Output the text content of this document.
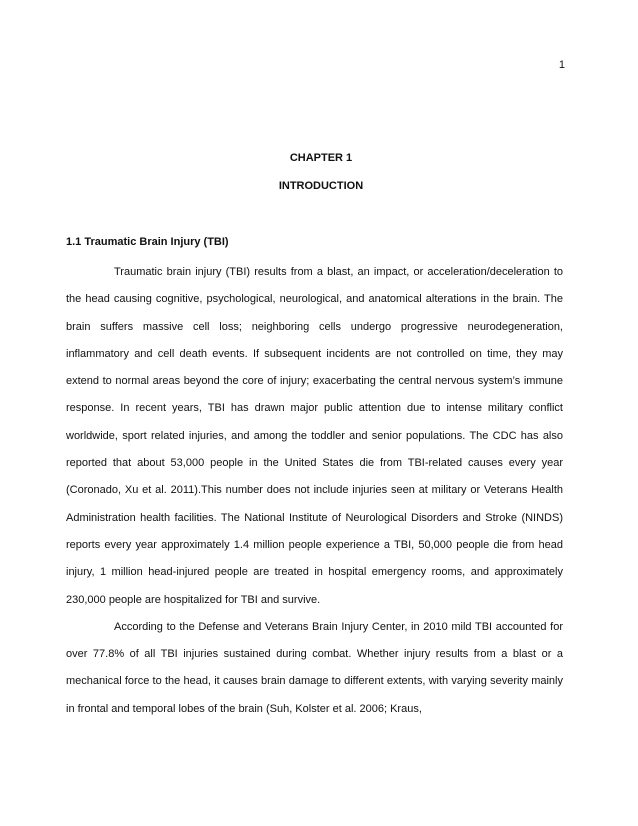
1

CHAPTER 1

INTRODUCTION

1.1 Traumatic Brain Injury (TBI)

Traumatic brain injury (TBI) results from a blast, an impact, or acceleration/deceleration to the head causing cognitive, psychological, neurological, and anatomical alterations in the brain. The brain suffers massive cell loss; neighboring cells undergo progressive neurodegeneration, inflammatory and cell death events. If subsequent incidents are not controlled on time, they may extend to normal areas beyond the core of injury; exacerbating the central nervous system’s immune response. In recent years, TBI has drawn major public attention due to intense military conflict worldwide, sport related injuries, and among the toddler and senior populations. The CDC has also reported that about 53,000 people in the United States die from TBI-related causes every year (Coronado, Xu et al. 2011).This number does not include injuries seen at military or Veterans Health Administration health facilities. The National Institute of Neurological Disorders and Stroke (NINDS) reports every year approximately 1.4 million people experience a TBI, 50,000 people die from head injury, 1 million head-injured people are treated in hospital emergency rooms, and approximately 230,000 people are hospitalized for TBI and survive.

According to the Defense and Veterans Brain Injury Center, in 2010 mild TBI accounted for over 77.8% of all TBI injuries sustained during combat. Whether injury results from a blast or a mechanical force to the head, it causes brain damage to different extents, with varying severity mainly in frontal and temporal lobes of the brain (Suh, Kolster et al. 2006; Kraus,
